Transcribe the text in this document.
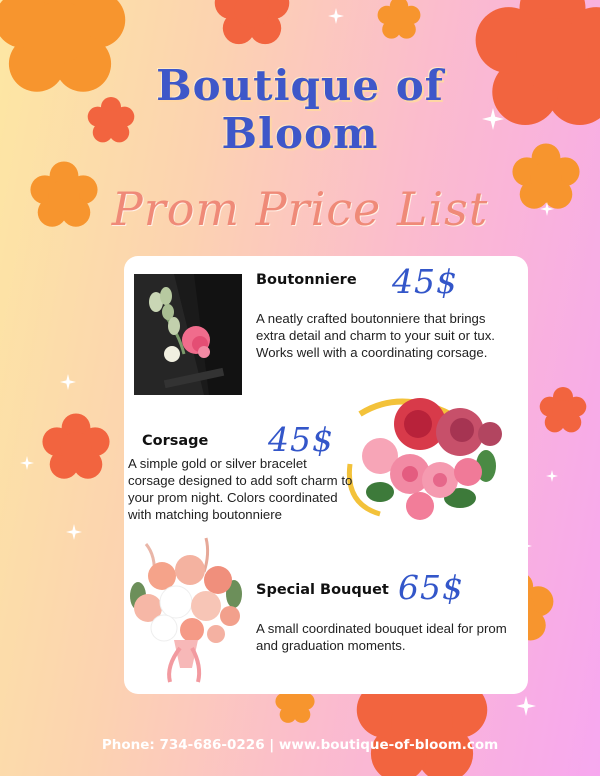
Boutique of
Bloom
Prom Price List
Boutonniere 45$
A neatly crafted boutonniere that brings extra detail and charm to your suit or tux. Works well with a coordinating corsage.
Corsage 45$
A simple gold or silver bracelet corsage designed to add soft charm to your prom night. Colors coordinated with matching boutonniere
Special Bouquet 65$
A small coordinated bouquet ideal for prom and graduation moments.
Phone: 734-686-0226 | www.boutique-of-bloom.com
